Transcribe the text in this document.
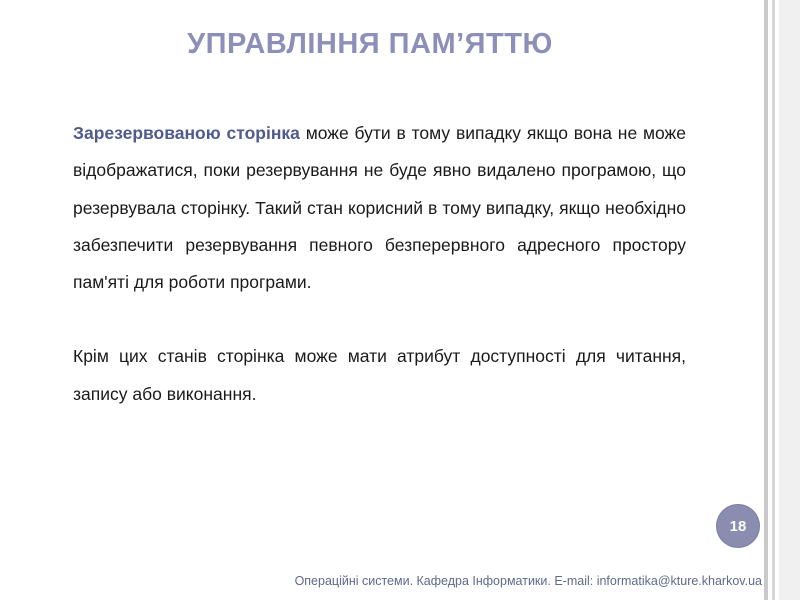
УПРАВЛІННЯ ПАМ’ЯТТЮ

Зарезервованою сторінка може бути в тому випадку якщо вона не може відображатися, поки резервування не буде явно видалено програмою, що резервувала сторінку. Такий стан корисний в тому випадку, якщо необхідно забезпечити резервування певного безперервного адресного простору пам'яті для роботи програми.

Крім цих станів сторінка може мати атрибут доступності для читання, запису або виконання.

18
Операційні системи. Кафедра Інформатики. E-mail: informatika@kture.kharkov.ua
